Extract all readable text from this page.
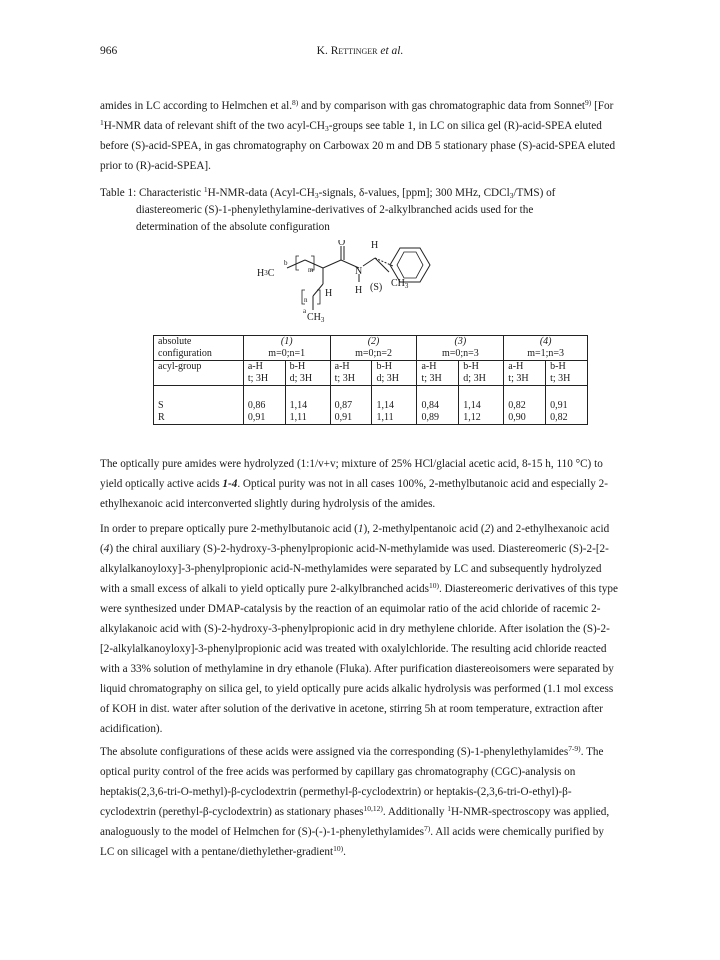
966	K. Rettinger et al.

amides in LC according to Helmchen et al.$^{8)}$ and by comparison with gas chromatographic data from Sonnet$^{9)}$ [For $^1$H-NMR data of relevant shift of the two acyl-$CH_3$-groups see table 1, in LC on silica gel (R)-acid-SPEA eluted before (S)-acid-SPEA, in gas chromatography on Carbowax 20 m and DB 5 stationary phase (S)-acid-SPEA eluted prior to (R)-acid-SPEA].

Table 1: Characteristic $^1$H-NMR-data ($Acyl-CH_3$-signals, δ-values, [ppm]; 300 MHz, CDCl$_3$/TMS) of
diastereomeric (S)-1-phenylethylamine-derivatives of 2-alkylbranched acids used for the
determination of the absolute configuration
O	H
H3C
b
m	N
$CH_3$
n
H H (S)
a
$CH_3$
absolute	(1)		(2)		(3)		(4)	
configuration	m=0;n=1		m=0;n=2		m=0;n=3		m=1;n=3	
acyl-group	a-H	b-H	a-H	b-H	a-H	b-H	a-H	b-H
	t; 3H	d; 3H	t; 3H	d; 3H	t; 3H	d; 3H	t; 3H	t; 3H

S	0,86	1,14	0,87	1,14	0,84	1,14	0,82	0,91
R	0,91	1,11	0,91	1,11	0,89	1,12	0,90	0,82

The optically pure amides were hydrolyzed (1:1/v+v; mixture of 25% HCl/glacial acetic acid, 8-15 h, 110 °C) to yield optically active acids 1-4. Optical purity was not in all cases 100%, 2-methylbutanoic acid and especially 2-ethylhexanoic acid interconverted slightly during hydrolysis of the amides.

In order to prepare optically pure 2-methylbutanoic acid (1), 2-methylpentanoic acid (2) and 2-ethylhexanoic acid (4) the chiral auxiliary (S)-2-hydroxy-3-phenylpropionic acid-N-methylamide was used. Diastereomeric (S)-2-[2-alkylalkanoyloxy]-3-phenylpropionic acid-N-methylamides were separated by LC and subsequently hydrolyzed with a small excess of alkali to yield optically pure 2-alkylbranched acids$^{10)}$. Diastereomeric derivatives of this type were synthesized under DMAP-catalysis by the reaction of an equimolar ratio of the acid chloride of racemic 2-alkylakanoic acid with (S)-2-hydroxy-3-phenylpropionic acid in dry methylene chloride. After isolation the (S)-2-[2-alkylalkanoyloxy]-3-phenylpropionic acid was treated with oxalylchloride. The resulting acid chloride reacted with a 33% solution of methylamine in dry ethanole (Fluka). After purification diastereoisomers were separated by liquid chromatography on silica gel, to yield optically pure acids alkalic hydrolysis was performed (1.1 mol excess of KOH in dist. water after solution of the derivative in acetone, stirring 5h at room temperature, extraction after acidification).

The absolute configurations of these acids were assigned via the corresponding (S)-1-phenylethylamides$^{7-9)}$. The optical purity control of the free acids was performed by capillary gas chromatography (CGC)-analysis on heptakis(2,3,6-tri-O-methyl)-β-cyclodextrin (permethyl-β-cyclodextrin) or heptakis-(2,3,6-tri-O-ethyl)-β-cyclodextrin (perethyl-β-cyclodextrin) as stationary phases$^{10,12)}$. Additionally $^1$H-NMR-spectroscopy was applied, analoguously to the model of Helmchen for (S)-(-)-1-phenylethylamides$^{7)}$. All acids were chemically purified by LC on silicagel with a pentane/diethylether-gradient$^{10)}$.
